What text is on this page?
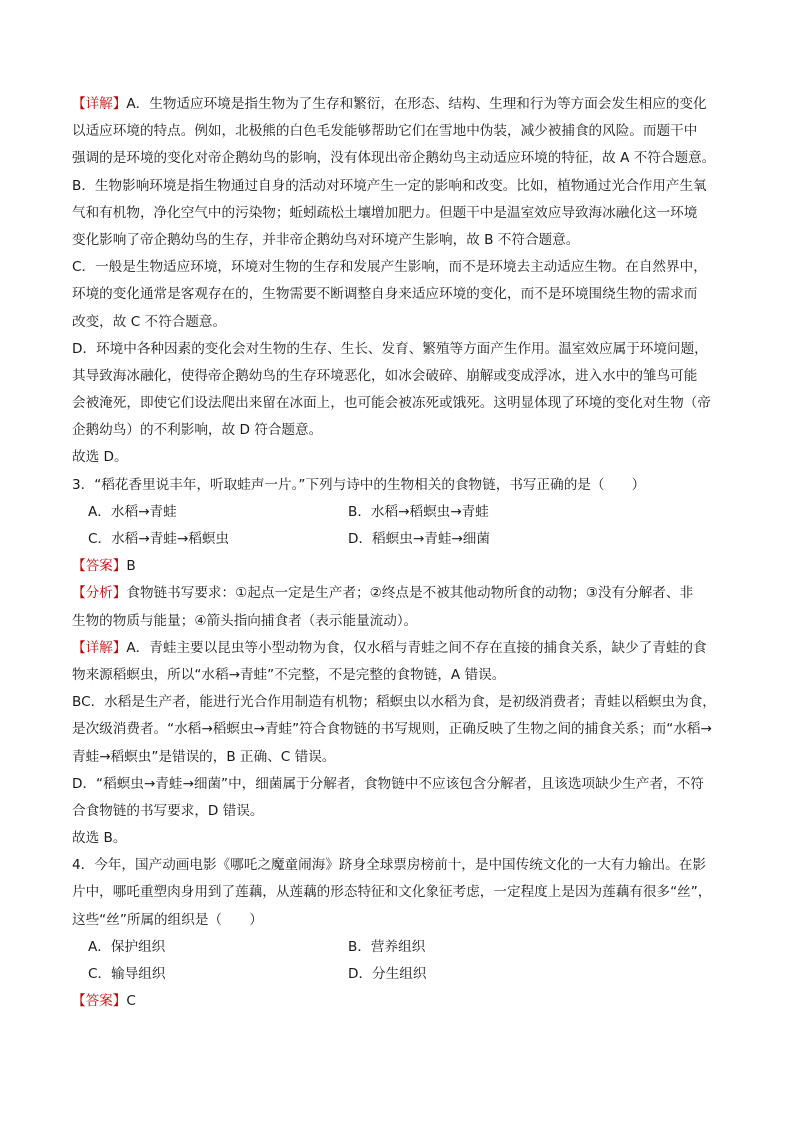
【详解】A．生物适应环境是指生物为了生存和繁衍，在形态、结构、生理和行为等方面会发生相应的变化
以适应环境的特点。例如，北极熊的白色毛发能够帮助它们在雪地中伪装，减少被捕食的风险。而题干中
强调的是环境的变化对帝企鹅幼鸟的影响，没有体现出帝企鹅幼鸟主动适应环境的特征，故 A 不符合题意。
B．生物影响环境是指生物通过自身的活动对环境产生一定的影响和改变。比如，植物通过光合作用产生氧
气和有机物，净化空气中的污染物；蚯蚓疏松土壤增加肥力。但题干中是温室效应导致海冰融化这一环境
变化影响了帝企鹅幼鸟的生存，并非帝企鹅幼鸟对环境产生影响，故 B 不符合题意。
C．一般是生物适应环境，环境对生物的生存和发展产生影响，而不是环境去主动适应生物。在自然界中，
环境的变化通常是客观存在的，生物需要不断调整自身来适应环境的变化，而不是环境围绕生物的需求而
改变，故 C 不符合题意。
D．环境中各种因素的变化会对生物的生存、生长、发育、繁殖等方面产生作用。温室效应属于环境问题，
其导致海冰融化，使得帝企鹅幼鸟的生存环境恶化，如冰会破碎、崩解或变成浮冰，进入水中的雏鸟可能
会被淹死，即使它们设法爬出来留在冰面上，也可能会被冻死或饿死。这明显体现了环境的变化对生物（帝
企鹅幼鸟）的不利影响，故 D 符合题意。
故选 D。
3．“稻花香里说丰年，听取蛙声一片。”下列与诗中的生物相关的食物链，书写正确的是（　　）
A．水稻→青蛙	B．水稻→稻螟虫→青蛙
C．水稻→青蛙→稻螟虫	D．稻螟虫→青蛙→细菌
【答案】B
【分析】食物链书写要求：①起点一定是生产者；②终点是不被其他动物所食的动物；③没有分解者、非
生物的物质与能量；④箭头指向捕食者（表示能量流动）。
【详解】A．青蛙主要以昆虫等小型动物为食，仅水稻与青蛙之间不存在直接的捕食关系，缺少了青蛙的食
物来源稻螟虫，所以“水稻→青蛙”不完整，不是完整的食物链，A 错误。
BC．水稻是生产者，能进行光合作用制造有机物；稻螟虫以水稻为食，是初级消费者；青蛙以稻螟虫为食，
是次级消费者。“水稻→稻螟虫→青蛙”符合食物链的书写规则，正确反映了生物之间的捕食关系；而“水稻→
青蛙→稻螟虫”是错误的，B 正确、C 错误。
D．“稻螟虫→青蛙→细菌”中，细菌属于分解者，食物链中不应该包含分解者，且该选项缺少生产者，不符
合食物链的书写要求，D 错误。
故选 B。
4．今年，国产动画电影《哪吒之魔童闹海》跻身全球票房榜前十，是中国传统文化的一大有力输出。在影
片中，哪吒重塑肉身用到了莲藕，从莲藕的形态特征和文化象征考虑，一定程度上是因为莲藕有很多“丝”，
这些“丝”所属的组织是（　　）
A．保护组织	B．营养组织
C．输导组织	D．分生组织
【答案】C
